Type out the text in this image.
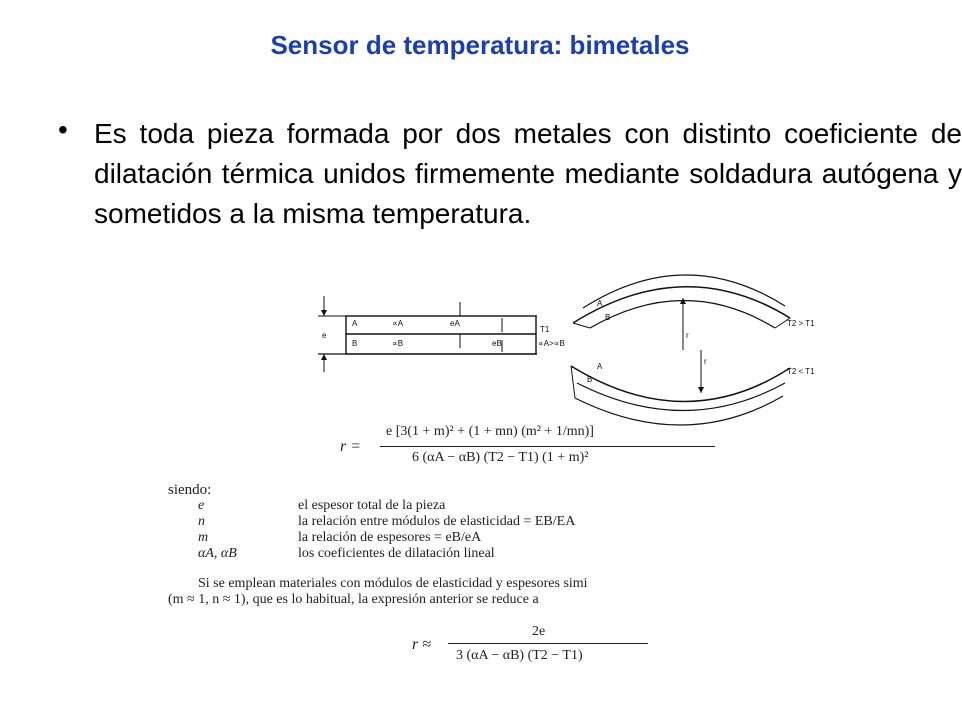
Sensor de temperatura: bimetales
• Es toda pieza formada por dos metales con distinto coeficiente de dilatación térmica unidos firmemente mediante soldadura autógena y sometidos a la misma temperatura.
e
A
B
∝A
∝B
eA
eB
T1
∝A>∝B
A
B
T2 > T1
r
r
A
B
T2 < T1
r =
e [3(1 + m)² + (1 + mn) (m² + 1/mn)]
6 (αA − αB) (T2 − T1) (1 + m)²
siendo:
e	el espesor total de la pieza
n	la relación entre módulos de elasticidad = EB/EA
m	la relación de espesores = eB/eA
αA, αB	los coeficientes de dilatación lineal
Si se emplean materiales con módulos de elasticidad y espesores simi
(m ≈ 1, n ≈ 1), que es lo habitual, la expresión anterior se reduce a
r ≈
2e
3 (αA − αB) (T2 − T1)
